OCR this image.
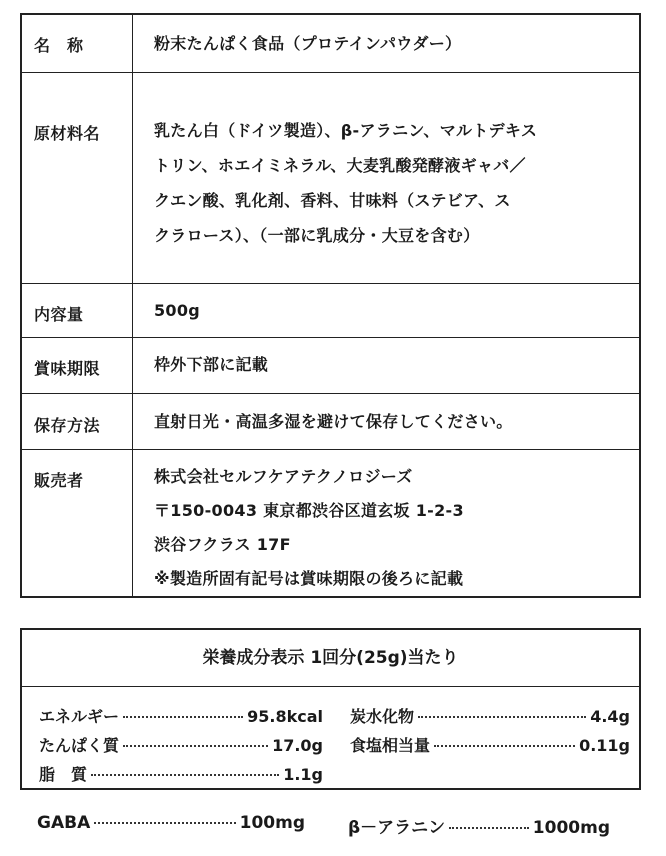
名　称	粉末たんぱく食品（プロテインパウダー）
原材料名	乳たん白（ドイツ製造）、β-アラニン、マルトデキス
トリン、ホエイミネラル、大麦乳酸発酵液ギャバ／
クエン酸、乳化剤、香料、甘味料（ステビア、ス
クラロース）、（一部に乳成分・大豆を含む）
内容量	500g
賞味期限	枠外下部に記載
保存方法	直射日光・高温多湿を避けて保存してください。
販売者	株式会社セルフケアテクノロジーズ
〒150-0043 東京都渋谷区道玄坂 1-2-3
渋谷フクラス 17F
※製造所固有記号は賞味期限の後ろに記載
栄養成分表示 1回分(25g)当たり
エネルギー	95.8kcal
たんぱく質	17.0g
脂　質	1.1g
炭水化物	4.4g
食塩相当量	0.11g
GABA	100mg	β－アラニン	1000mg
